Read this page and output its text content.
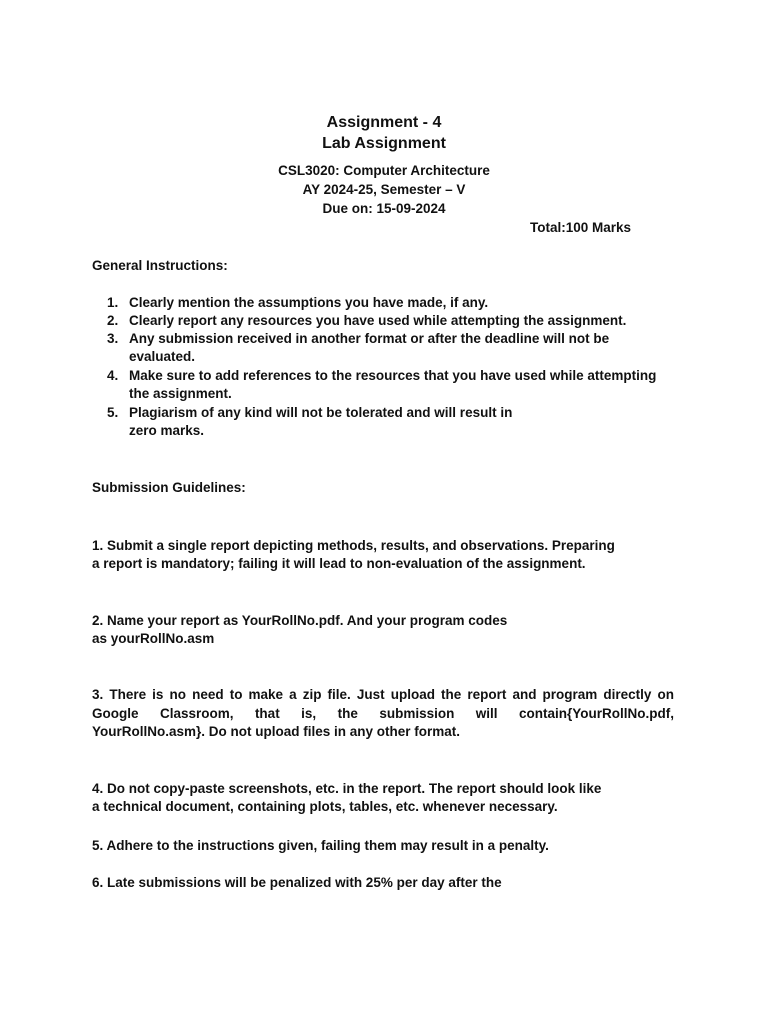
Assignment - 4
Lab Assignment
CSL3020: Computer Architecture
AY 2024-25, Semester – V
Due on: 15-09-2024
Total:100 Marks
General Instructions:
1. Clearly mention the assumptions you have made, if any.
2. Clearly report any resources you have used while attempting the assignment.
3. Any submission received in another format or after the deadline will not be
evaluated.
4. Make sure to add references to the resources that you have used while attempting
the assignment.
5. Plagiarism of any kind will not be tolerated and will result in
zero marks.
Submission Guidelines:
1. Submit a single report depicting methods, results, and observations. Preparing
a report is mandatory; failing it will lead to non-evaluation of the assignment.
2. Name your report as YourRollNo.pdf. And your program codes
as yourRollNo.asm
3. There is no need to make a zip file. Just upload the report and program directly on
Google Classroom, that is, the submission will contain{YourRollNo.pdf,
YourRollNo.asm}. Do not upload files in any other format.
4. Do not copy-paste screenshots, etc. in the report. The report should look like
a technical document, containing plots, tables, etc. whenever necessary.
5. Adhere to the instructions given, failing them may result in a penalty.
6. Late submissions will be penalized with 25% per day after the
